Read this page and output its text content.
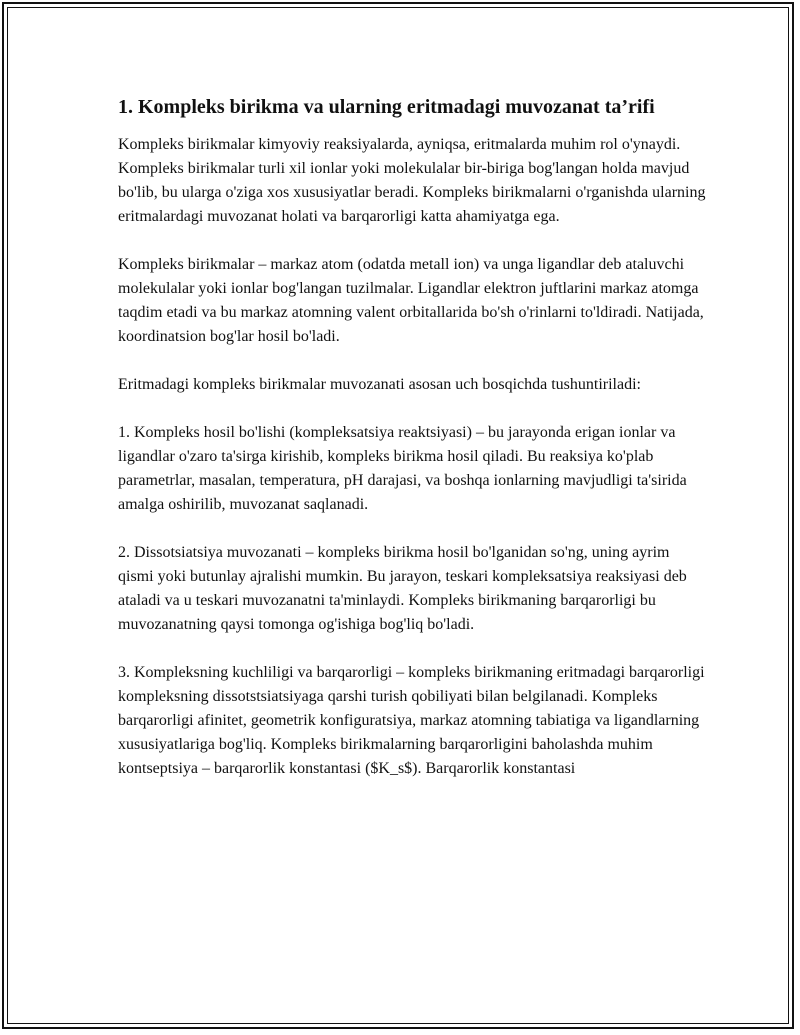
1. Kompleks birikma va ularning eritmadagi muvozanat ta’rifi

Kompleks birikmalar kimyoviy reaksiyalarda, ayniqsa, eritmalarda muhim rol o'ynaydi. Kompleks birikmalar turli xil ionlar yoki molekulalar bir-biriga bog'langan holda mavjud bo'lib, bu ularga o'ziga xos xususiyatlar beradi. Kompleks birikmalarni o'rganishda ularning eritmalardagi muvozanat holati va barqarorligi katta ahamiyatga ega.

Kompleks birikmalar – markaz atom (odatda metall ion) va unga ligandlar deb ataluvchi molekulalar yoki ionlar bog'langan tuzilmalar. Ligandlar elektron juftlarini markaz atomga taqdim etadi va bu markaz atomning valent orbitallarida bo'sh o'rinlarni to'ldiradi. Natijada, koordinatsion bog'lar hosil bo'ladi.

Eritmadagi kompleks birikmalar muvozanati asosan uch bosqichda tushuntiriladi:

1. Kompleks hosil bo'lishi (kompleksatsiya reaktsiyasi) – bu jarayonda erigan ionlar va ligandlar o'zaro ta'sirga kirishib, kompleks birikma hosil qiladi. Bu reaksiya ko'plab parametrlar, masalan, temperatura, pH darajasi, va boshqa ionlarning mavjudligi ta'sirida amalga oshirilib, muvozanat saqlanadi.

2. Dissotsiatsiya muvozanati – kompleks birikma hosil bo'lganidan so'ng, uning ayrim qismi yoki butunlay ajralishi mumkin. Bu jarayon, teskari kompleksatsiya reaksiyasi deb ataladi va u teskari muvozanatni ta'minlaydi. Kompleks birikmaning barqarorligi bu muvozanatning qaysi tomonga og'ishiga bog'liq bo'ladi.

3. Kompleksning kuchliligi va barqarorligi – kompleks birikmaning eritmadagi barqarorligi kompleksning dissotstsiatsiyaga qarshi turish qobiliyati bilan belgilanadi. Kompleks barqarorligi afinitet, geometrik konfiguratsiya, markaz atomning tabiatiga va ligandlarning xususiyatlariga bog'liq. Kompleks birikmalarning barqarorligini baholashda muhim kontseptsiya – barqarorlik konstantasi ($K_s$). Barqarorlik konstantasi
